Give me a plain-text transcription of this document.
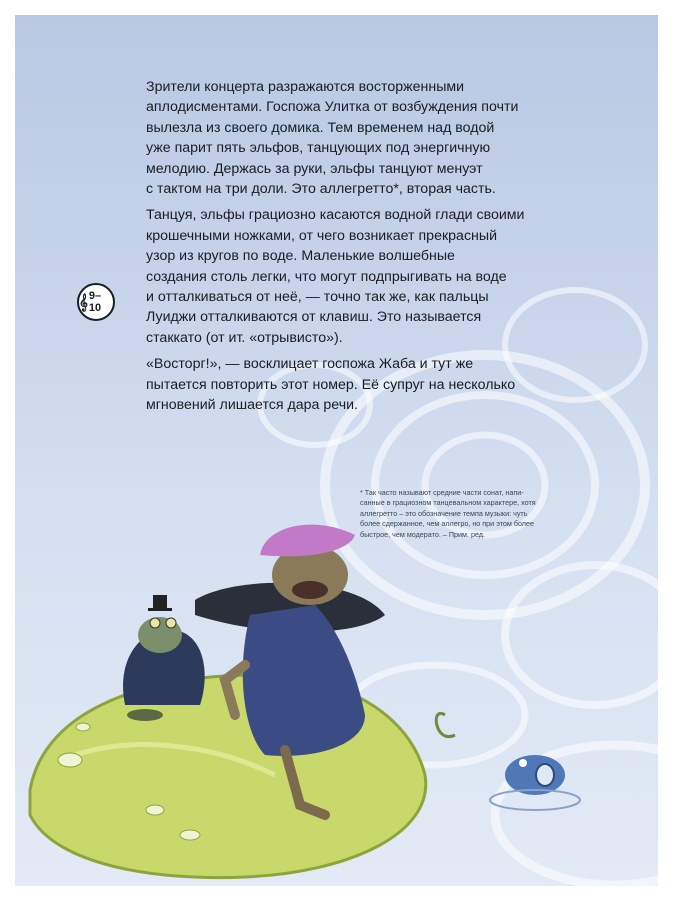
Зрители концерта разражаются восторженными
аплодисментами. Госпожа Улитка от возбуждения почти
вылезла из своего домика. Тем временем над водой
уже парит пять эльфов, танцующих под энергичную
мелодию. Держась за руки, эльфы танцуют менуэт
с тактом на три доли. Это аллегретто*, вторая часть.

Танцуя, эльфы грациозно касаются водной глади своими
крошечными ножками, от чего возникает прекрасный
узор из кругов по воде. Маленькие волшебные
создания столь легки, что могут подпрыгивать на воде
и отталкиваться от неё, — точно так же, как пальцы
Луиджи отталкиваются от клавиш. Это называется
стаккато (от ит. «отрывисто»).

«Восторг!», — восклицает госпожа Жаба и тут же
пытается повторить этот номер. Её супруг на несколько
мгновений лишается дара речи.

𝄞 9–10
* Так часто называют средние части сонат, напи-
санные в грациозном танцевальном характере, хотя
аллегретто – это обозначение темпа музыки: чуть
более сдержанное, чем аллегро, но при этом более
быстрое, чем модерато. – Прим. ред.
